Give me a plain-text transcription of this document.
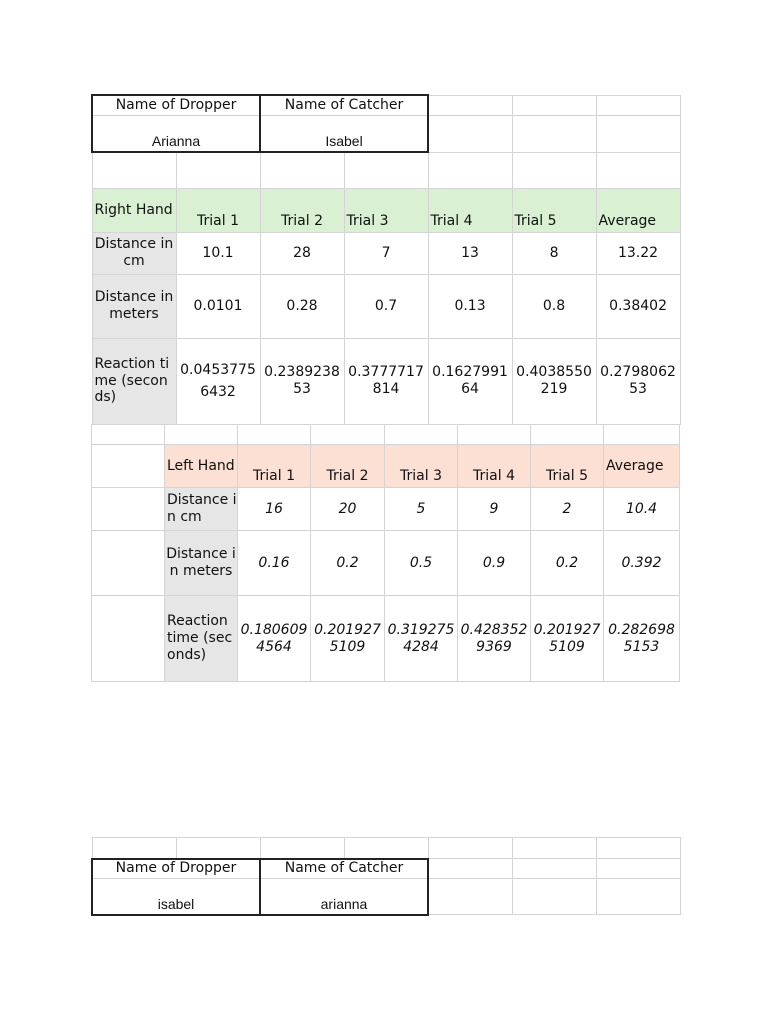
Name of Dropper		Name of Catcher				
Arianna		Isabel				

Right Hand	Trial 1	Trial 2	Trial 3	Trial 4	Trial 5	Average
Distance in cm	10.1	28	7	13	8	13.22
Distance in meters	0.0101	0.28	0.7	0.13	0.8	0.38402
Reaction time (seconds)	0.04537756432	0.238923853	0.3777717814	0.162799164	0.4038550219	0.279806253

	Left Hand	Trial 1	Trial 2	Trial 3	Trial 4	Trial 5	Average
	Distance in cm	16	20	5	9	2	10.4
	Distance in meters	0.16	0.2	0.5	0.9	0.2	0.392
	Reaction time (seconds)	0.1806094564	0.2019275109	0.3192754284	0.4283529369	0.2019275109	0.2826985153

Name of Dropper		Name of Catcher				
isabel		arianna				
